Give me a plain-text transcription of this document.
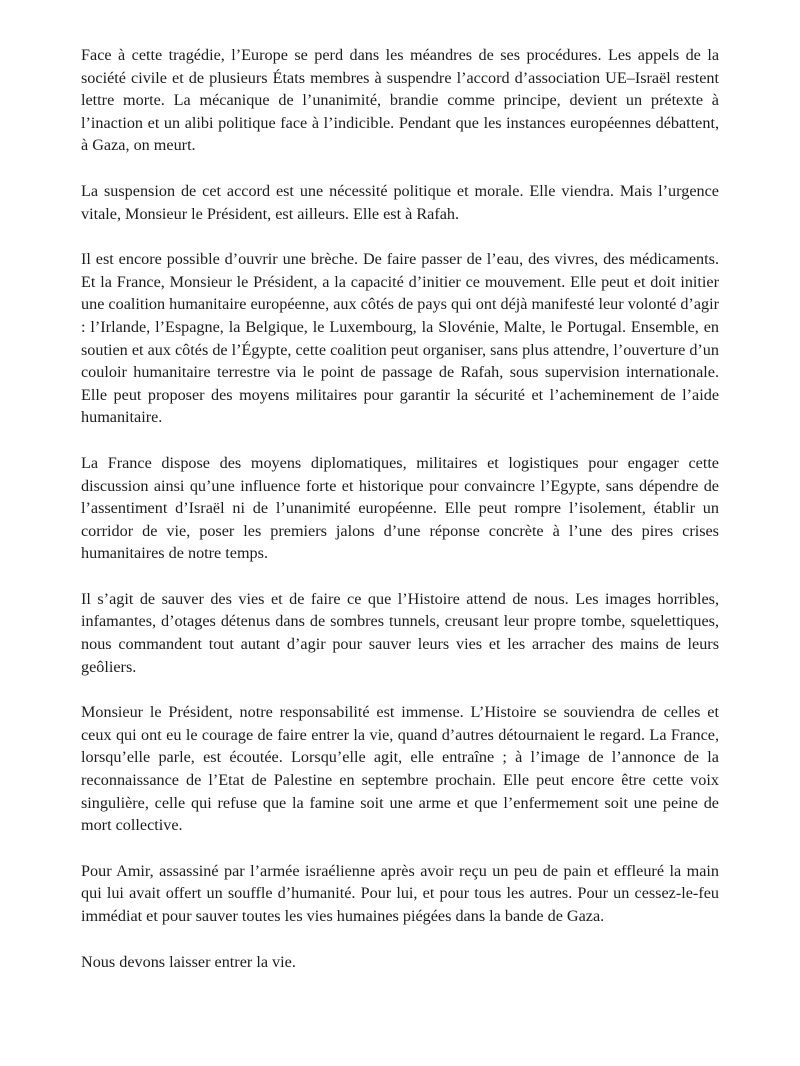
Face à cette tragédie, l’Europe se perd dans les méandres de ses procédures. Les appels de la société civile et de plusieurs États membres à suspendre l’accord d’association UE–Israël restent lettre morte. La mécanique de l’unanimité, brandie comme principe, devient un prétexte à l’inaction et un alibi politique face à l’indicible. Pendant que les instances européennes débattent, à Gaza, on meurt.

La suspension de cet accord est une nécessité politique et morale. Elle viendra. Mais l’urgence vitale, Monsieur le Président, est ailleurs. Elle est à Rafah.

Il est encore possible d’ouvrir une brèche. De faire passer de l’eau, des vivres, des médicaments. Et la France, Monsieur le Président, a la capacité d’initier ce mouvement. Elle peut et doit initier une coalition humanitaire européenne, aux côtés de pays qui ont déjà manifesté leur volonté d’agir : l’Irlande, l’Espagne, la Belgique, le Luxembourg, la Slovénie, Malte, le Portugal. Ensemble, en soutien et aux côtés de l’Égypte, cette coalition peut organiser, sans plus attendre, l’ouverture d’un couloir humanitaire terrestre via le point de passage de Rafah, sous supervision internationale. Elle peut proposer des moyens militaires pour garantir la sécurité et l’acheminement de l’aide humanitaire.

La France dispose des moyens diplomatiques, militaires et logistiques pour engager cette discussion ainsi qu’une influence forte et historique pour convaincre l’Egypte, sans dépendre de l’assentiment d’Israël ni de l’unanimité européenne. Elle peut rompre l’isolement, établir un corridor de vie, poser les premiers jalons d’une réponse concrète à l’une des pires crises humanitaires de notre temps.

Il s’agit de sauver des vies et de faire ce que l’Histoire attend de nous. Les images horribles, infamantes, d’otages détenus dans de sombres tunnels, creusant leur propre tombe, squelettiques, nous commandent tout autant d’agir pour sauver leurs vies et les arracher des mains de leurs geôliers.

Monsieur le Président, notre responsabilité est immense. L’Histoire se souviendra de celles et ceux qui ont eu le courage de faire entrer la vie, quand d’autres détournaient le regard. La France, lorsqu’elle parle, est écoutée. Lorsqu’elle agit, elle entraîne ; à l’image de l’annonce de la reconnaissance de l’Etat de Palestine en septembre prochain. Elle peut encore être cette voix singulière, celle qui refuse que la famine soit une arme et que l’enfermement soit une peine de mort collective.

Pour Amir, assassiné par l’armée israélienne après avoir reçu un peu de pain et effleuré la main qui lui avait offert un souffle d’humanité. Pour lui, et pour tous les autres. Pour un cessez-le-feu immédiat et pour sauver toutes les vies humaines piégées dans la bande de Gaza.

Nous devons laisser entrer la vie.
